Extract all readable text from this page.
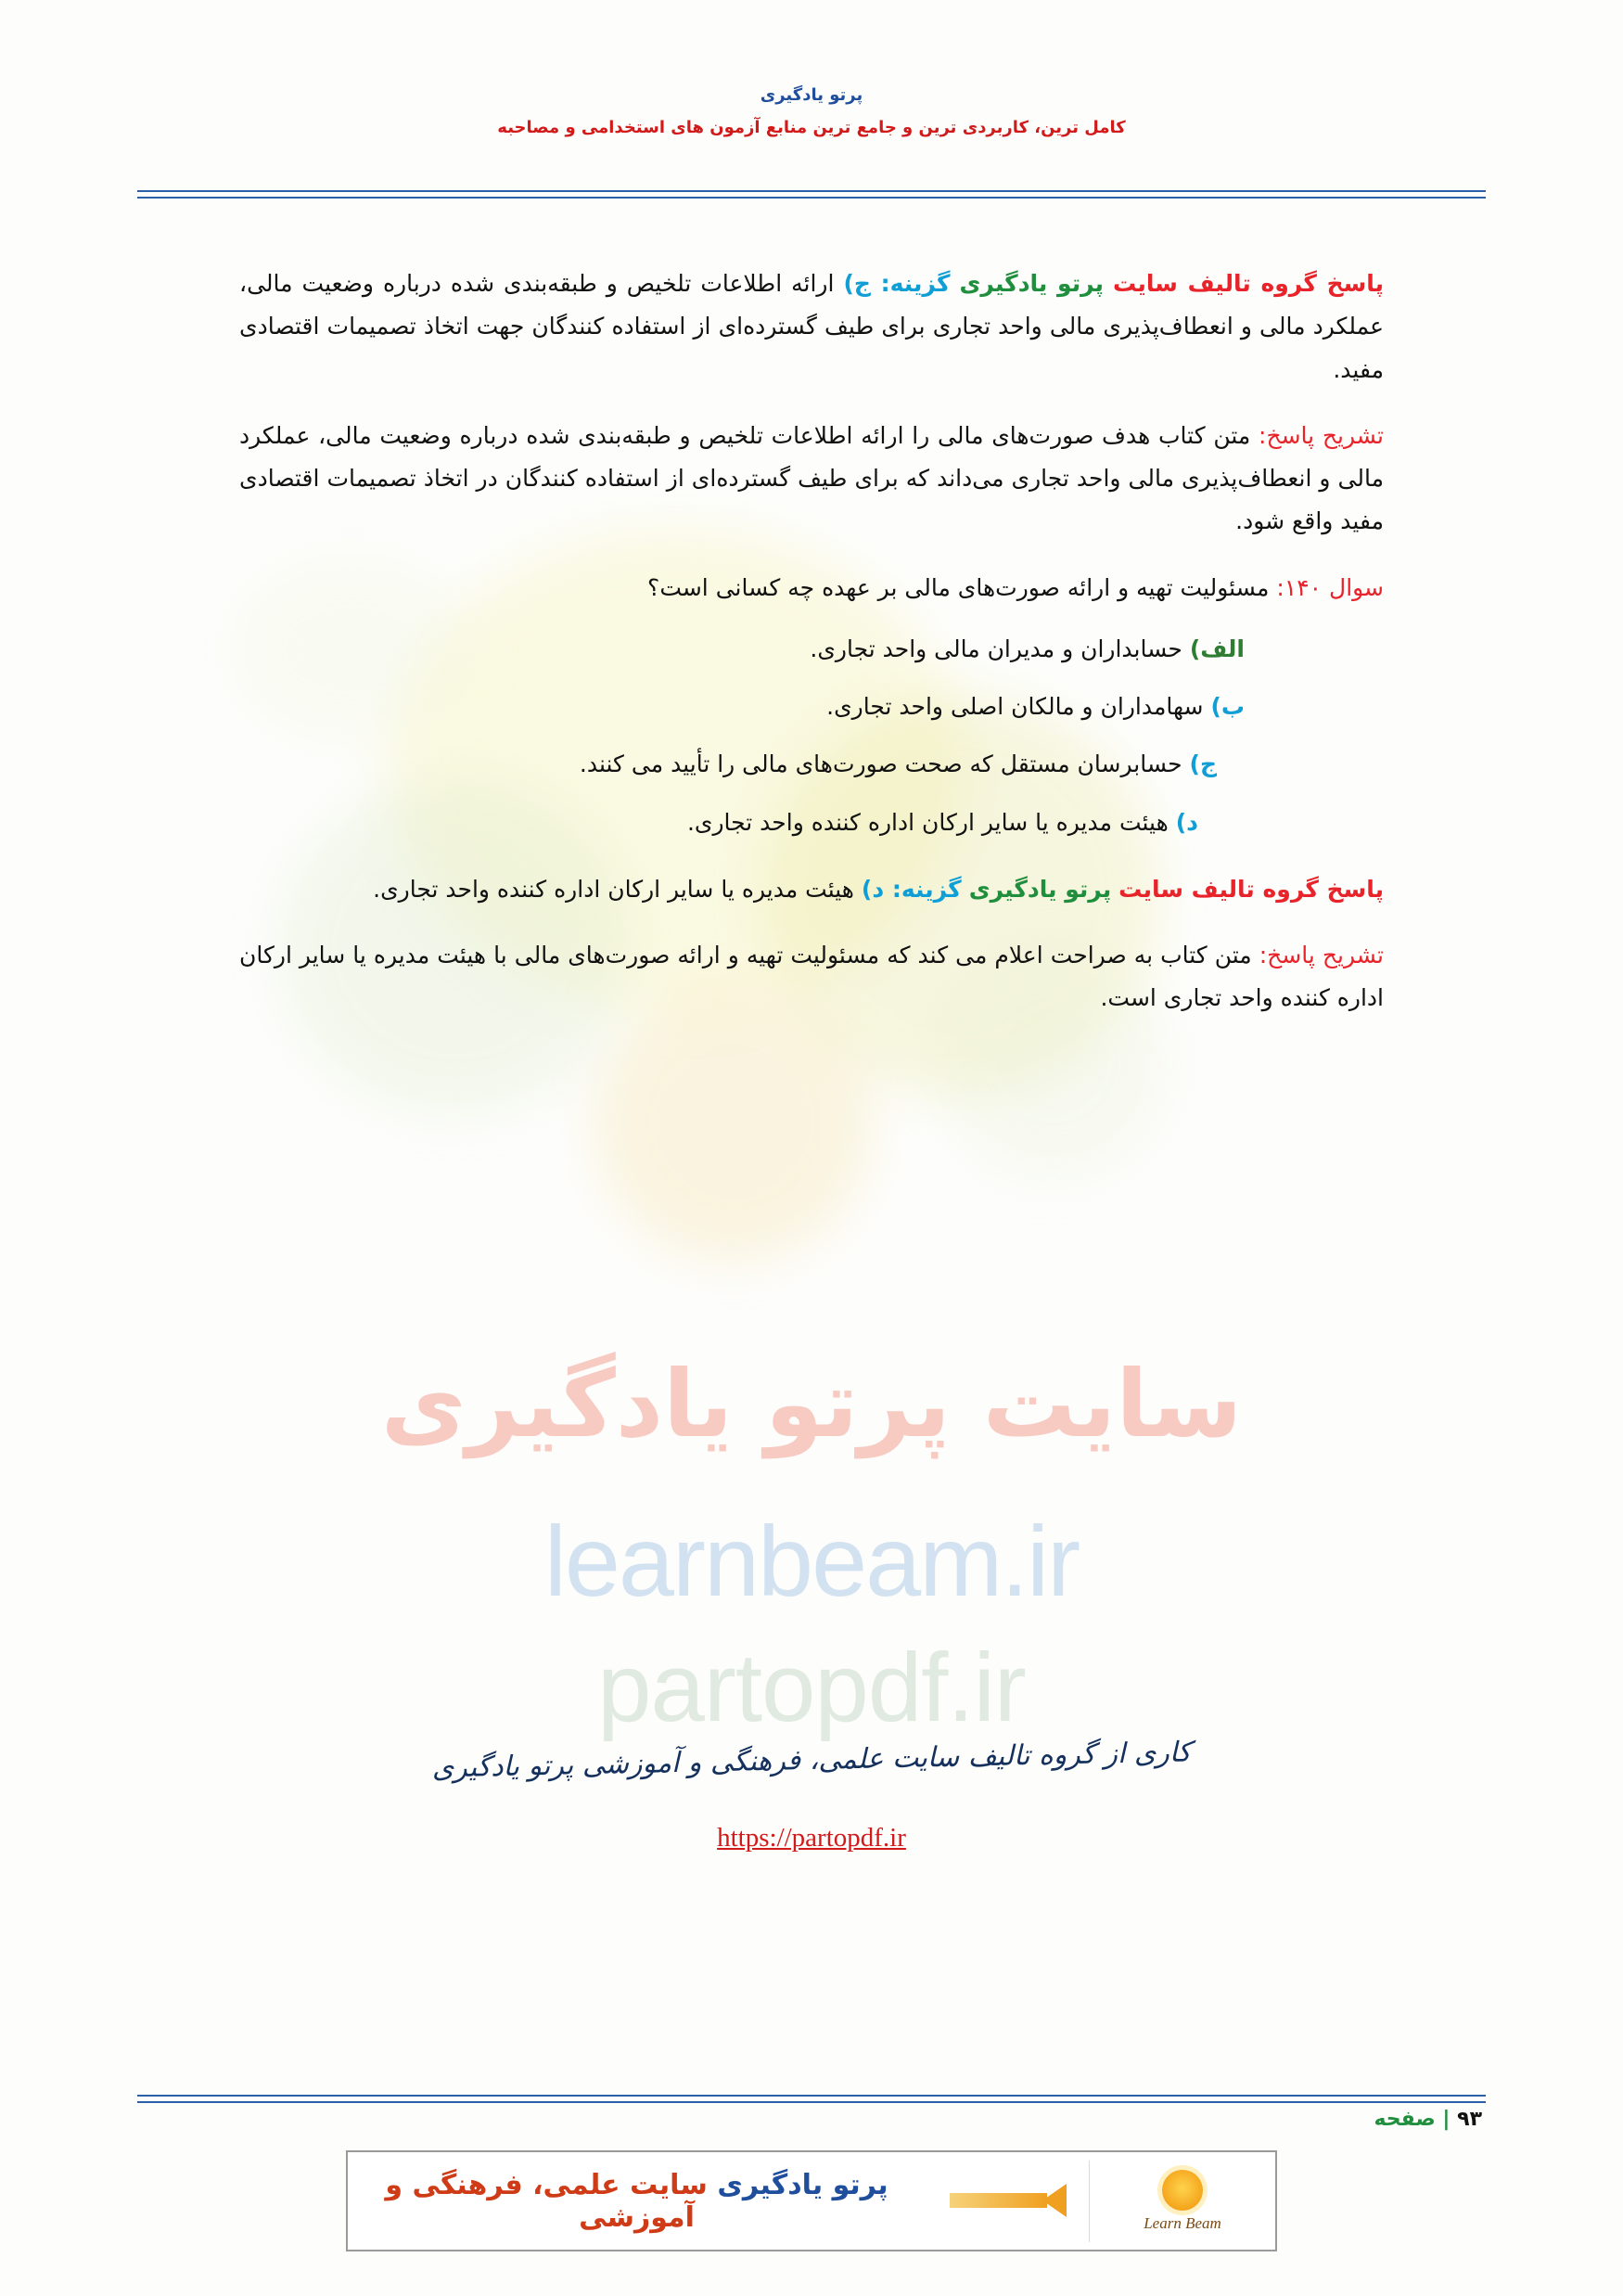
پرتو یادگیری
کامل ترین، کاربردی ترین و جامع ترین منابع آزمون های استخدامی و مصاحبه

پاسخ گروه تالیف سایت پرتو یادگیری گزینه: ج) ارائه اطلاعات تلخیص و طبقه‌بندی شده درباره وضعیت مالی، عملکرد مالی و انعطاف‌پذیری مالی واحد تجاری برای طیف گسترده‌ای از استفاده کنندگان جهت اتخاذ تصمیمات اقتصادی مفید.

تشریح پاسخ: متن کتاب هدف صورت‌های مالی را ارائه اطلاعات تلخیص و طبقه‌بندی شده درباره وضعیت مالی، عملکرد مالی و انعطاف‌پذیری مالی واحد تجاری می‌داند که برای طیف گسترده‌ای از استفاده کنندگان در اتخاذ تصمیمات اقتصادی مفید واقع شود.

سوال ۱۴۰: مسئولیت تهیه و ارائه صورت‌های مالی بر عهده چه کسانی است؟

الف) حسابداران و مدیران مالی واحد تجاری.
ب) سهامداران و مالکان اصلی واحد تجاری.
ج) حسابرسان مستقل که صحت صورت‌های مالی را تأیید می کنند.
د) هیئت مدیره یا سایر ارکان اداره کننده واحد تجاری.

پاسخ گروه تالیف سایت پرتو یادگیری گزینه: د) هیئت مدیره یا سایر ارکان اداره کننده واحد تجاری.

تشریح پاسخ: متن کتاب به صراحت اعلام می کند که مسئولیت تهیه و ارائه صورت‌های مالی با هیئت مدیره یا سایر ارکان اداره کننده واحد تجاری است.

سایت پرتو یادگیری
learnbeam.ir
partopdf.ir
کاری از گروه تالیف سایت علمی، فرهنگی و آموزشی پرتو یادگیری
https://partopdf.ir
۹۳ | صفحه
پرتو یادگیری سایت علمی، فرهنگی و آموزشی	Learn Beam
